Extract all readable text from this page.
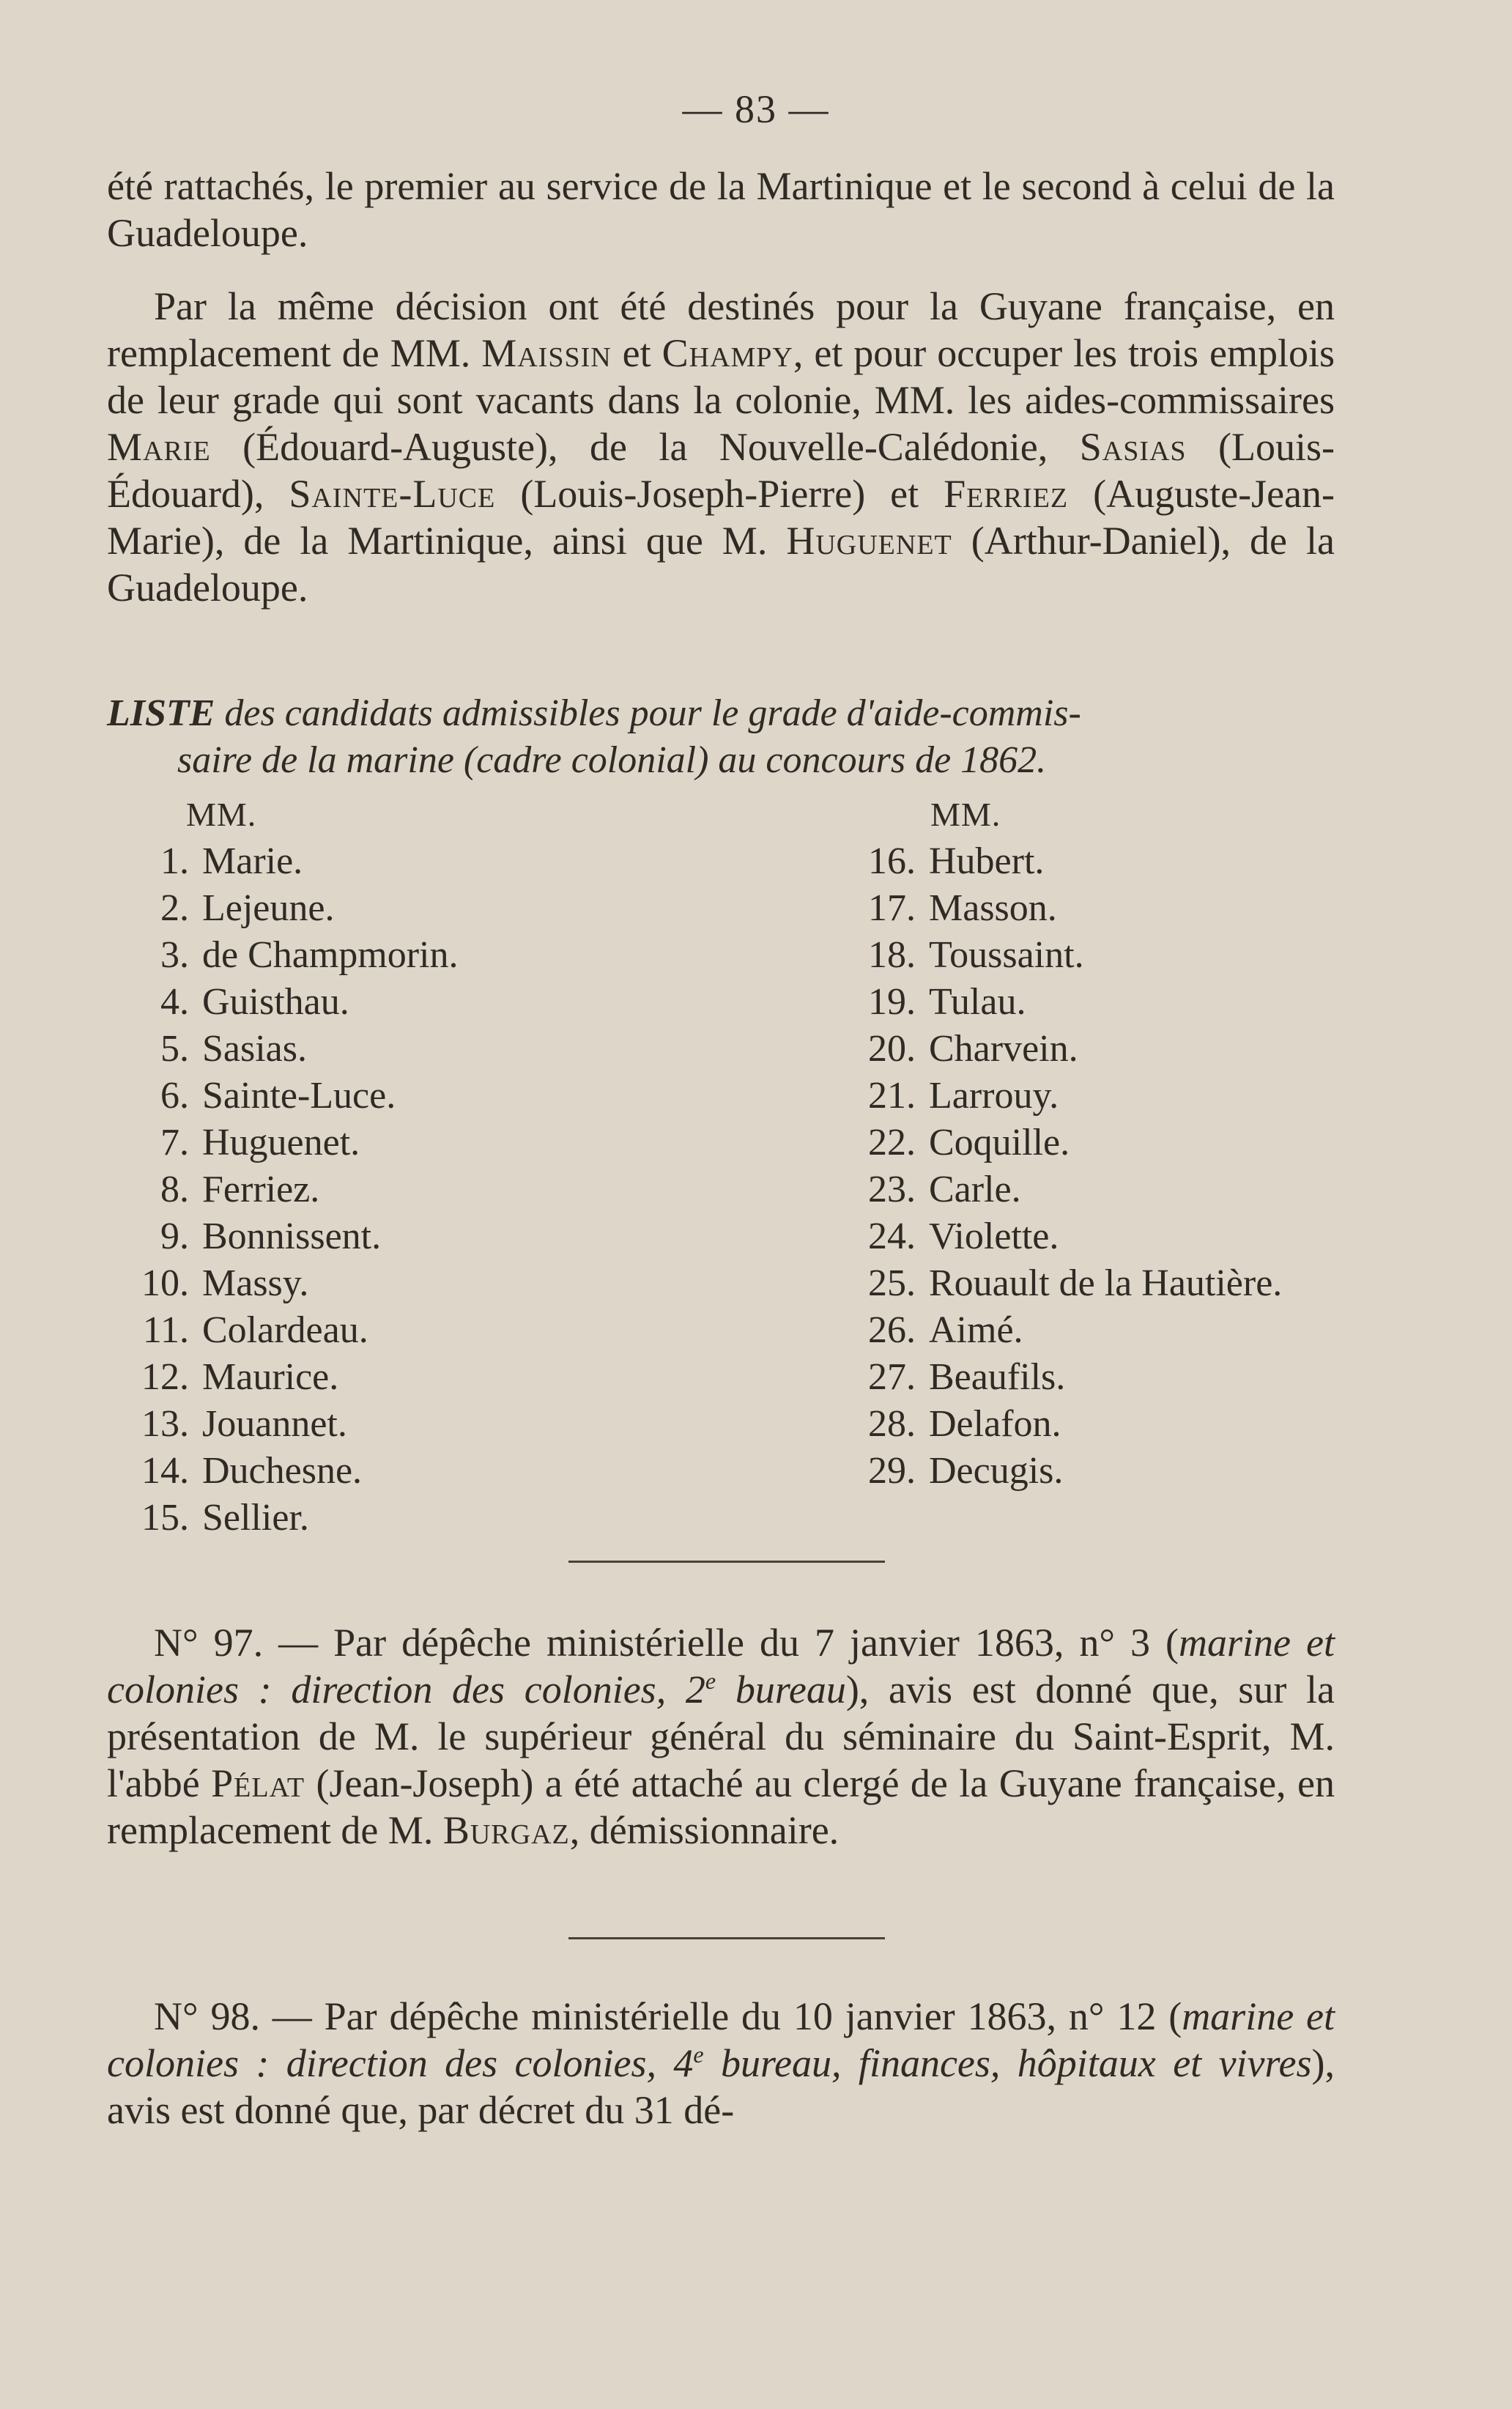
— 83 —
été rattachés, le premier au service de la Martinique et le second à celui de la Guadeloupe.
Par la même décision ont été destinés pour la Guyane française, en remplacement de MM. Maissin et Champy, et pour occuper les trois emplois de leur grade qui sont vacants dans la colonie, MM. les aides-commissaires Marie (Édouard-Auguste), de la Nouvelle-Calédonie, Sasias (Louis-Édouard), Sainte-Luce (Louis-Joseph-Pierre) et Ferriez (Auguste-Jean-Marie), de la Martinique, ainsi que M. Huguenet (Arthur-Daniel), de la Guadeloupe.
LISTE des candidats admissibles pour le grade d'aide-commis-
saire de la marine (cadre colonial) au concours de 1862.
MM.
1. Marie.
2. Lejeune.
3. de Champmorin.
4. Guisthau.
5. Sasias.
6. Sainte-Luce.
7. Huguenet.
8. Ferriez.
9. Bonnissent.
10. Massy.
11. Colardeau.
12. Maurice.
13. Jouannet.
14. Duchesne.
15. Sellier.
MM.
16. Hubert.
17. Masson.
18. Toussaint.
19. Tulau.
20. Charvein.
21. Larrouy.
22. Coquille.
23. Carle.
24. Violette.
25. Rouault de la Hautière.
26. Aimé.
27. Beaufils.
28. Delafon.
29. Decugis.
N° 97. — Par dépêche ministérielle du 7 janvier 1863, n° 3 (marine et colonies : direction des colonies, 2e bureau), avis est donné que, sur la présentation de M. le supérieur général du séminaire du Saint-Esprit, M. l'abbé Pélat (Jean-Joseph) a été attaché au clergé de la Guyane française, en remplacement de M. Burgaz, démissionnaire.
N° 98. — Par dépêche ministérielle du 10 janvier 1863, n° 12 (marine et colonies : direction des colonies, 4e bureau, finances, hôpitaux et vivres), avis est donné que, par décret du 31 dé-
